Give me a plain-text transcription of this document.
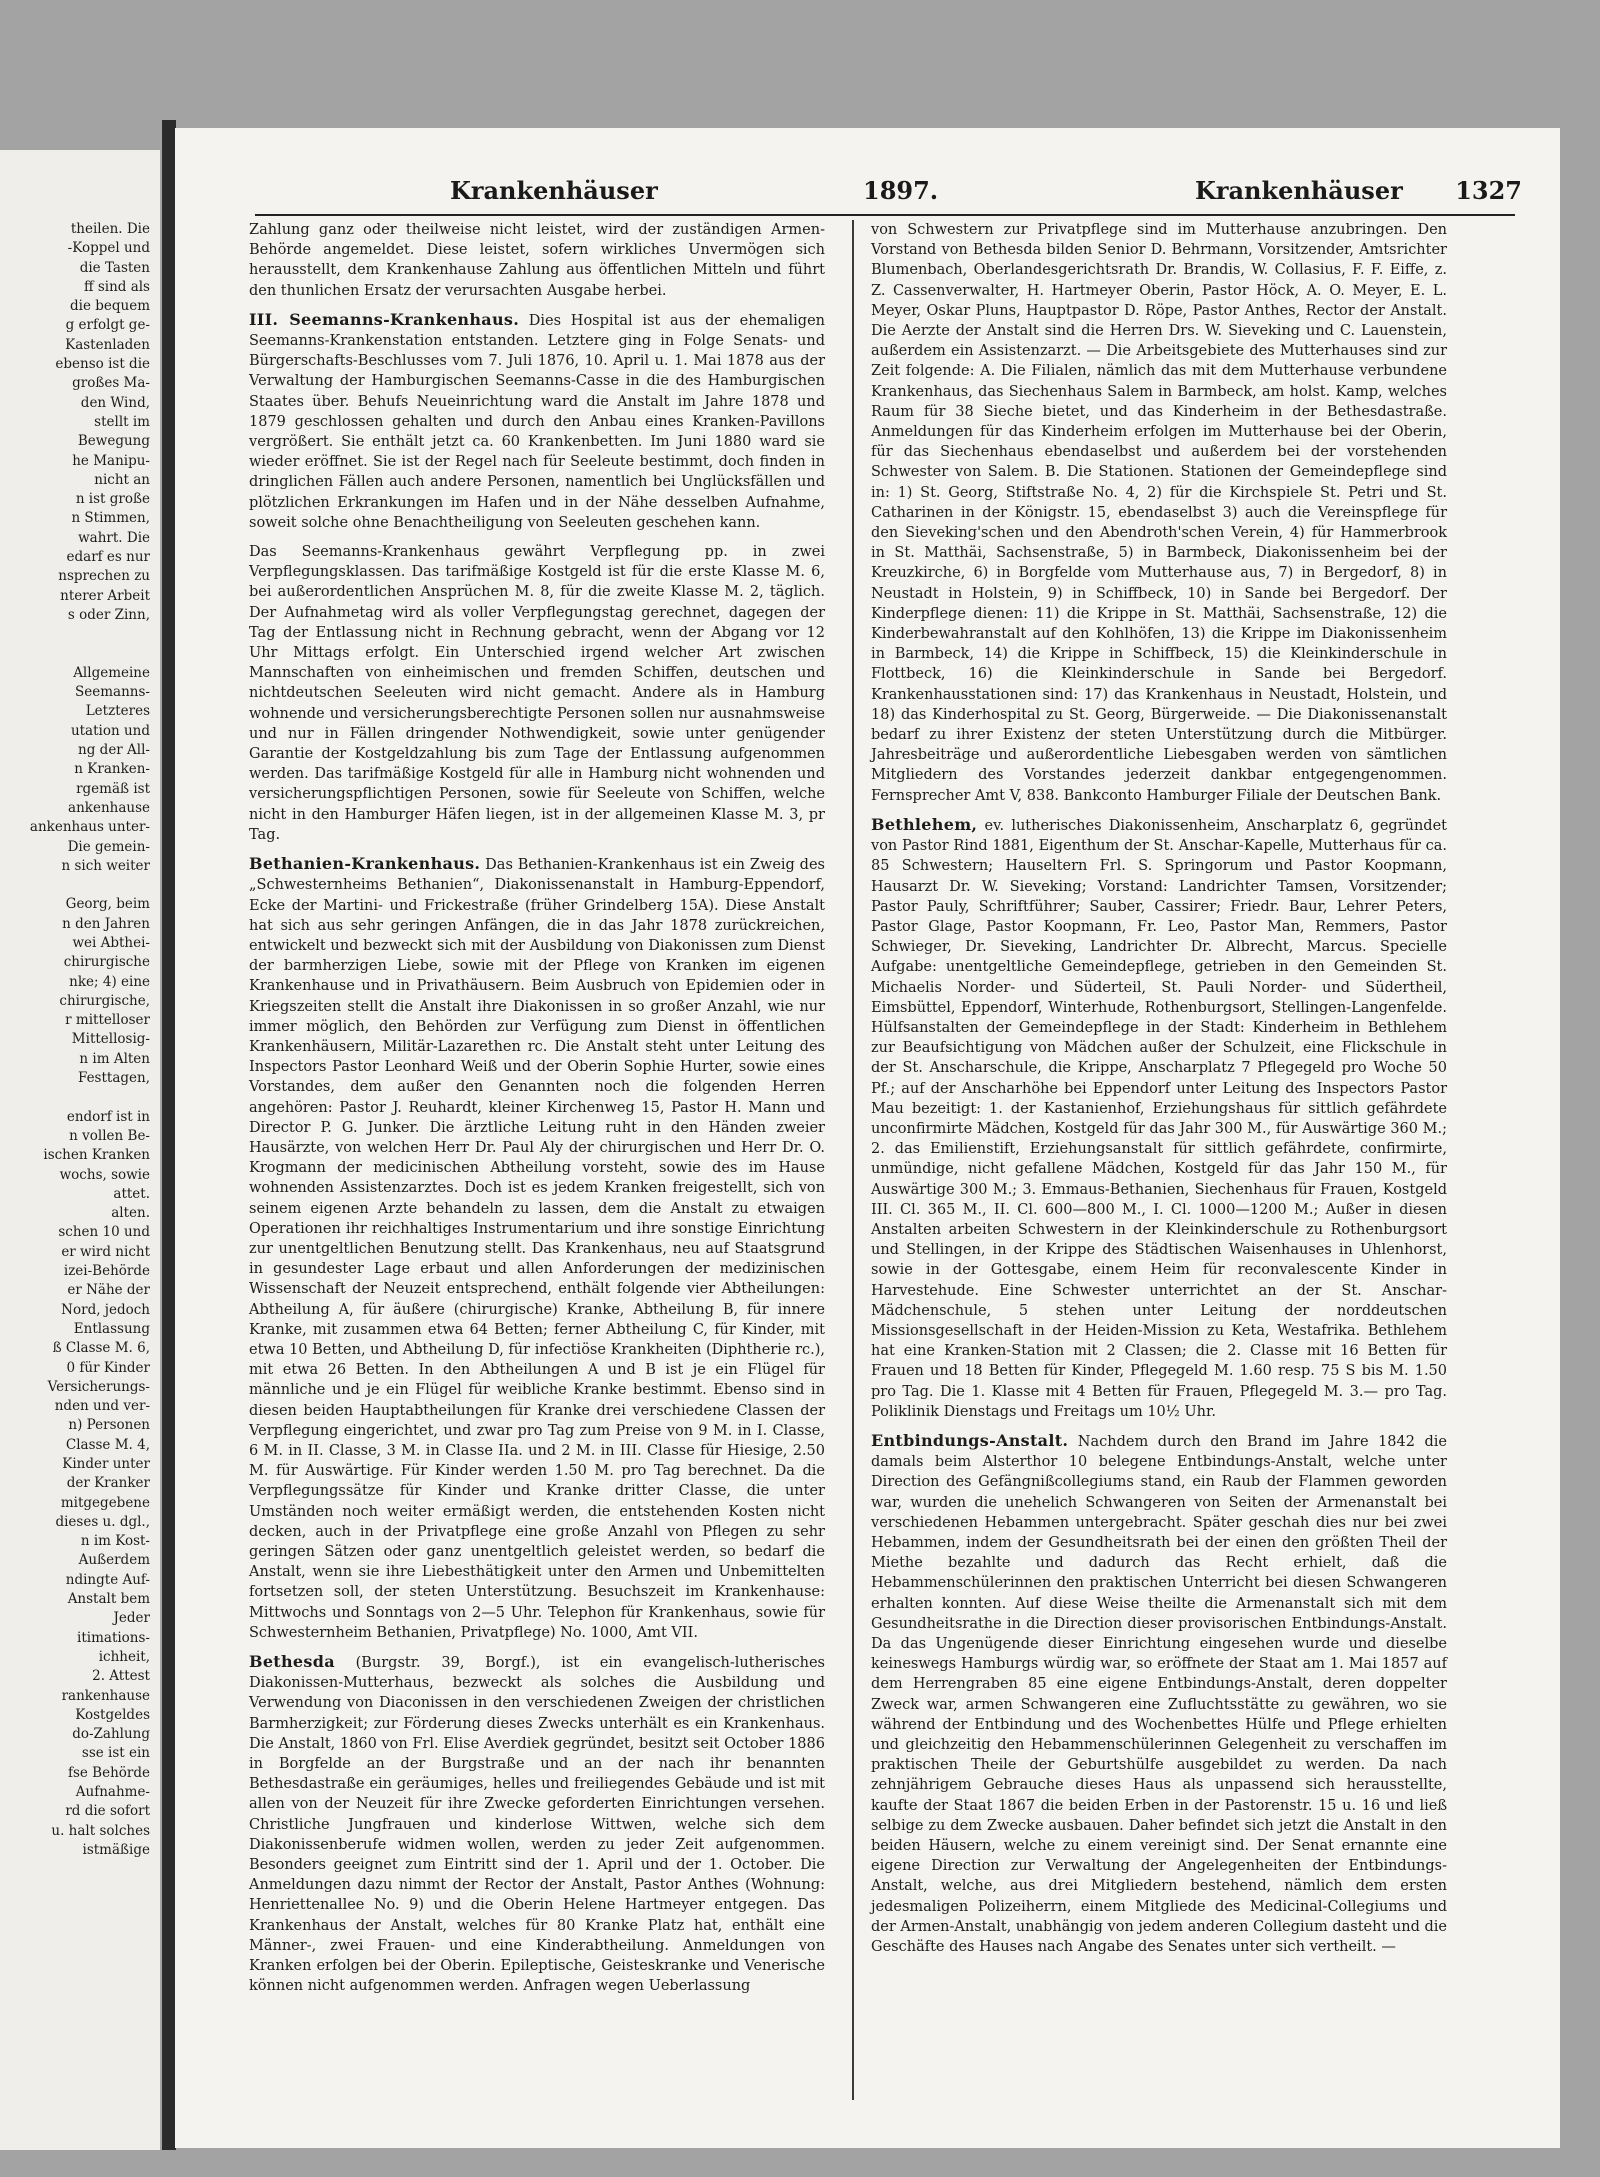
theilen. Die
-Koppel und
die Tasten
ff sind als
die bequem
g erfolgt ge-
Kastenladen
ebenso ist die
großes Ma-
den Wind,
stellt im
Bewegung
he Manipu-
nicht an
n ist große
n Stimmen,
wahrt. Die
edarf es nur
nsprechen zu
nterer Arbeit
s oder Zinn,

Allgemeine
Seemanns-
Letzteres
utation und
ng der All-
n Kranken-
rgemäß ist
ankenhause
ankenhaus unter-
Die gemein-
n sich weiter

Georg, beim
n den Jahren
wei Abthei-
chirurgische
nke; 4) eine
chirurgische,
r mittelloser
Mittellosig-
n im Alten
Festtagen,

endorf ist in
n vollen Be-
ischen Kranken
wochs, sowie
attet.
alten.
schen 10 und
er wird nicht
izei-Behörde
er Nähe der
Nord, jedoch
Entlassung
ß Classe M. 6,
0 für Kinder
Versicherungs-
nden und ver-
n) Personen
Classe M. 4,
Kinder unter
der Kranker
mitgegebene
dieses u. dgl.,
n im Kost-
Außerdem
ndingte Auf-
Anstalt bem
Jeder
itimations-
ichheit,
2. Attest
rankenhause
Kostgeldes
do-Zahlung
sse ist ein
fse Behörde
Aufnahme-
rd die sofort
u. halt solches
istmäßige
Krankenhäuser	1897.	Krankenhäuser 1327

Zahlung ganz oder theilweise nicht leistet, wird der zuständigen Armen-Behörde angemeldet. Diese leistet, sofern wirkliches Unvermögen sich herausstellt, dem Krankenhause Zahlung aus öffentlichen Mitteln und führt den thunlichen Ersatz der verursachten Ausgabe herbei.

III. Seemanns-Krankenhaus. Dies Hospital ist aus der ehemaligen Seemanns-Krankenstation entstanden. Letztere ging in Folge Senats- und Bürgerschafts-Beschlusses vom 7. Juli 1876, 10. April u. 1. Mai 1878 aus der Verwaltung der Hamburgischen Seemanns-Casse in die des Hamburgischen Staates über. Behufs Neueinrichtung ward die Anstalt im Jahre 1878 und 1879 geschlossen gehalten und durch den Anbau eines Kranken-Pavillons vergrößert. Sie enthält jetzt ca. 60 Krankenbetten. Im Juni 1880 ward sie wieder eröffnet. Sie ist der Regel nach für Seeleute bestimmt, doch finden in dringlichen Fällen auch andere Personen, namentlich bei Unglücksfällen und plötzlichen Erkrankungen im Hafen und in der Nähe desselben Aufnahme, soweit solche ohne Benachtheiligung von Seeleuten geschehen kann.

Das Seemanns-Krankenhaus gewährt Verpflegung pp. in zwei Verpflegungsklassen. Das tarifmäßige Kostgeld ist für die erste Klasse M. 6, bei außerordentlichen Ansprüchen M. 8, für die zweite Klasse M. 2, täglich. Der Aufnahmetag wird als voller Verpflegungstag gerechnet, dagegen der Tag der Entlassung nicht in Rechnung gebracht, wenn der Abgang vor 12 Uhr Mittags erfolgt. Ein Unterschied irgend welcher Art zwischen Mannschaften von einheimischen und fremden Schiffen, deutschen und nichtdeutschen Seeleuten wird nicht gemacht. Andere als in Hamburg wohnende und versicherungsberechtigte Personen sollen nur ausnahmsweise und nur in Fällen dringender Nothwendigkeit, sowie unter genügender Garantie der Kostgeldzahlung bis zum Tage der Entlassung aufgenommen werden. Das tarifmäßige Kostgeld für alle in Hamburg nicht wohnenden und versicherungspflichtigen Personen, sowie für Seeleute von Schiffen, welche nicht in den Hamburger Häfen liegen, ist in der allgemeinen Klasse M. 3, pr Tag.

Bethanien-Krankenhaus. Das Bethanien-Krankenhaus ist ein Zweig des „Schwesternheims Bethanien“, Diakonissenanstalt in Hamburg-Eppendorf, Ecke der Martini- und Frickestraße (früher Grindelberg 15A). Diese Anstalt hat sich aus sehr geringen Anfängen, die in das Jahr 1878 zurückreichen, entwickelt und bezweckt sich mit der Ausbildung von Diakonissen zum Dienst der barmherzigen Liebe, sowie mit der Pflege von Kranken im eigenen Krankenhause und in Privathäusern. Beim Ausbruch von Epidemien oder in Kriegszeiten stellt die Anstalt ihre Diakonissen in so großer Anzahl, wie nur immer möglich, den Behörden zur Verfügung zum Dienst in öffentlichen Krankenhäusern, Militär-Lazarethen rc. Die Anstalt steht unter Leitung des Inspectors Pastor Leonhard Weiß und der Oberin Sophie Hurter, sowie eines Vorstandes, dem außer den Genannten noch die folgenden Herren angehören: Pastor J. Reuhardt, kleiner Kirchenweg 15, Pastor H. Mann und Director P. G. Junker. Die ärztliche Leitung ruht in den Händen zweier Hausärzte, von welchen Herr Dr. Paul Aly der chirurgischen und Herr Dr. O. Krogmann der medicinischen Abtheilung vorsteht, sowie des im Hause wohnenden Assistenzarztes. Doch ist es jedem Kranken freigestellt, sich von seinem eigenen Arzte behandeln zu lassen, dem die Anstalt zu etwaigen Operationen ihr reichhaltiges Instrumentarium und ihre sonstige Einrichtung zur unentgeltlichen Benutzung stellt. Das Krankenhaus, neu auf Staatsgrund in gesundester Lage erbaut und allen Anforderungen der medizinischen Wissenschaft der Neuzeit entsprechend, enthält folgende vier Abtheilungen: Abtheilung A, für äußere (chirurgische) Kranke, Abtheilung B, für innere Kranke, mit zusammen etwa 64 Betten; ferner Abtheilung C, für Kinder, mit etwa 10 Betten, und Abtheilung D, für infectiöse Krankheiten (Diphtherie rc.), mit etwa 26 Betten. In den Abtheilungen A und B ist je ein Flügel für männliche und je ein Flügel für weibliche Kranke bestimmt. Ebenso sind in diesen beiden Hauptabtheilungen für Kranke drei verschiedene Classen der Verpflegung eingerichtet, und zwar pro Tag zum Preise von 9 M. in I. Classe, 6 M. in II. Classe, 3 M. in Classe IIa. und 2 M. in III. Classe für Hiesige, 2.50 M. für Auswärtige. Für Kinder werden 1.50 M. pro Tag berechnet. Da die Verpflegungssätze für Kinder und Kranke dritter Classe, die unter Umständen noch weiter ermäßigt werden, die entstehenden Kosten nicht decken, auch in der Privatpflege eine große Anzahl von Pflegen zu sehr geringen Sätzen oder ganz unentgeltlich geleistet werden, so bedarf die Anstalt, wenn sie ihre Liebesthätigkeit unter den Armen und Unbemittelten fortsetzen soll, der steten Unterstützung. Besuchszeit im Krankenhause: Mittwochs und Sonntags von 2—5 Uhr. Telephon für Krankenhaus, sowie für Schwesternheim Bethanien, Privatpflege) No. 1000, Amt VII.

Bethesda (Burgstr. 39, Borgf.), ist ein evangelisch-lutherisches Diakonissen-Mutterhaus, bezweckt als solches die Ausbildung und Verwendung von Diaconissen in den verschiedenen Zweigen der christlichen Barmherzigkeit; zur Förderung dieses Zwecks unterhält es ein Krankenhaus. Die Anstalt, 1860 von Frl. Elise Averdiek gegründet, besitzt seit October 1886 in Borgfelde an der Burgstraße und an der nach ihr benannten Bethesdastraße ein geräumiges, helles und freiliegendes Gebäude und ist mit allen von der Neuzeit für ihre Zwecke geforderten Einrichtungen versehen. Christliche Jungfrauen und kinderlose Wittwen, welche sich dem Diakonissenberufe widmen wollen, werden zu jeder Zeit aufgenommen. Besonders geeignet zum Eintritt sind der 1. April und der 1. October. Die Anmeldungen dazu nimmt der Rector der Anstalt, Pastor Anthes (Wohnung: Henriettenallee No. 9) und die Oberin Helene Hartmeyer entgegen. Das Krankenhaus der Anstalt, welches für 80 Kranke Platz hat, enthält eine Männer-, zwei Frauen- und eine Kinderabtheilung. Anmeldungen von Kranken erfolgen bei der Oberin. Epileptische, Geisteskranke und Venerische können nicht aufgenommen werden. Anfragen wegen Ueberlassung

von Schwestern zur Privatpflege sind im Mutterhause anzubringen. Den Vorstand von Bethesda bilden Senior D. Behrmann, Vorsitzender, Amtsrichter Blumenbach, Oberlandesgerichtsrath Dr. Brandis, W. Collasius, F. F. Eiffe, z. Z. Cassenverwalter, H. Hartmeyer Oberin, Pastor Höck, A. O. Meyer, E. L. Meyer, Oskar Pluns, Hauptpastor D. Röpe, Pastor Anthes, Rector der Anstalt. Die Aerzte der Anstalt sind die Herren Drs. W. Sieveking und C. Lauenstein, außerdem ein Assistenzarzt. — Die Arbeitsgebiete des Mutterhauses sind zur Zeit folgende: A. Die Filialen, nämlich das mit dem Mutterhause verbundene Krankenhaus, das Siechenhaus Salem in Barmbeck, am holst. Kamp, welches Raum für 38 Sieche bietet, und das Kinderheim in der Bethesdastraße. Anmeldungen für das Kinderheim erfolgen im Mutterhause bei der Oberin, für das Siechenhaus ebendaselbst und außerdem bei der vorstehenden Schwester von Salem. B. Die Stationen. Stationen der Gemeindepflege sind in: 1) St. Georg, Stiftstraße No. 4, 2) für die Kirchspiele St. Petri und St. Catharinen in der Königstr. 15, ebendaselbst 3) auch die Vereinspflege für den Sieveking'schen und den Abendroth'schen Verein, 4) für Hammerbrook in St. Matthäi, Sachsenstraße, 5) in Barmbeck, Diakonissenheim bei der Kreuzkirche, 6) in Borgfelde vom Mutterhause aus, 7) in Bergedorf, 8) in Neustadt in Holstein, 9) in Schiffbeck, 10) in Sande bei Bergedorf. Der Kinderpflege dienen: 11) die Krippe in St. Matthäi, Sachsenstraße, 12) die Kinderbewahranstalt auf den Kohlhöfen, 13) die Krippe im Diakonissenheim in Barmbeck, 14) die Krippe in Schiffbeck, 15) die Kleinkinderschule in Flottbeck, 16) die Kleinkinderschule in Sande bei Bergedorf. Krankenhausstationen sind: 17) das Krankenhaus in Neustadt, Holstein, und 18) das Kinderhospital zu St. Georg, Bürgerweide. — Die Diakonissenanstalt bedarf zu ihrer Existenz der steten Unterstützung durch die Mitbürger. Jahresbeiträge und außerordentliche Liebesgaben werden von sämtlichen Mitgliedern des Vorstandes jederzeit dankbar entgegengenommen. Fernsprecher Amt V, 838. Bankconto Hamburger Filiale der Deutschen Bank.

Bethlehem, ev. lutherisches Diakonissenheim, Anscharplatz 6, gegründet von Pastor Rind 1881, Eigenthum der St. Anschar-Kapelle, Mutterhaus für ca. 85 Schwestern; Hauseltern Frl. S. Springorum und Pastor Koopmann, Hausarzt Dr. W. Sieveking; Vorstand: Landrichter Tamsen, Vorsitzender; Pastor Pauly, Schriftführer; Sauber, Cassirer; Friedr. Baur, Lehrer Peters, Pastor Glage, Pastor Koopmann, Fr. Leo, Pastor Man, Remmers, Pastor Schwieger, Dr. Sieveking, Landrichter Dr. Albrecht, Marcus. Specielle Aufgabe: unentgeltliche Gemeindepflege, getrieben in den Gemeinden St. Michaelis Norder- und Süderteil, St. Pauli Norder- und Südertheil, Eimsbüttel, Eppendorf, Winterhude, Rothenburgsort, Stellingen-Langenfelde. Hülfsanstalten der Gemeindepflege in der Stadt: Kinderheim in Bethlehem zur Beaufsichtigung von Mädchen außer der Schulzeit, eine Flickschule in der St. Anscharschule, die Krippe, Anscharplatz 7 Pflegegeld pro Woche 50 Pf.; auf der Anscharhöhe bei Eppendorf unter Leitung des Inspectors Pastor Mau bezeitigt: 1. der Kastanienhof, Erziehungshaus für sittlich gefährdete unconfirmirte Mädchen, Kostgeld für das Jahr 300 M., für Auswärtige 360 M.; 2. das Emilienstift, Erziehungsanstalt für sittlich gefährdete, confirmirte, unmündige, nicht gefallene Mädchen, Kostgeld für das Jahr 150 M., für Auswärtige 300 M.; 3. Emmaus-Bethanien, Siechenhaus für Frauen, Kostgeld III. Cl. 365 M., II. Cl. 600—800 M., I. Cl. 1000—1200 M.; Außer in diesen Anstalten arbeiten Schwestern in der Kleinkinderschule zu Rothenburgsort und Stellingen, in der Krippe des Städtischen Waisenhauses in Uhlenhorst, sowie in der Gottesgabe, einem Heim für reconvalescente Kinder in Harvestehude. Eine Schwester unterrichtet an der St. Anschar-Mädchenschule, 5 stehen unter Leitung der norddeutschen Missionsgesellschaft in der Heiden-Mission zu Keta, Westafrika. Bethlehem hat eine Kranken-Station mit 2 Classen; die 2. Classe mit 16 Betten für Frauen und 18 Betten für Kinder, Pflegegeld M. 1.60 resp. 75 S bis M. 1.50 pro Tag. Die 1. Klasse mit 4 Betten für Frauen, Pflegegeld M. 3.— pro Tag. Poliklinik Dienstags und Freitags um 10½ Uhr.

Entbindungs-Anstalt. Nachdem durch den Brand im Jahre 1842 die damals beim Alsterthor 10 belegene Entbindungs-Anstalt, welche unter Direction des Gefängnißcollegiums stand, ein Raub der Flammen geworden war, wurden die unehelich Schwangeren von Seiten der Armenanstalt bei verschiedenen Hebammen untergebracht. Später geschah dies nur bei zwei Hebammen, indem der Gesundheitsrath bei der einen den größten Theil der Miethe bezahlte und dadurch das Recht erhielt, daß die Hebammenschülerinnen den praktischen Unterricht bei diesen Schwangeren erhalten konnten. Auf diese Weise theilte die Armenanstalt sich mit dem Gesundheitsrathe in die Direction dieser provisorischen Entbindungs-Anstalt. Da das Ungenügende dieser Einrichtung eingesehen wurde und dieselbe keineswegs Hamburgs würdig war, so eröffnete der Staat am 1. Mai 1857 auf dem Herrengraben 85 eine eigene Entbindungs-Anstalt, deren doppelter Zweck war, armen Schwangeren eine Zufluchtsstätte zu gewähren, wo sie während der Entbindung und des Wochenbettes Hülfe und Pflege erhielten und gleichzeitig den Hebammenschülerinnen Gelegenheit zu verschaffen im praktischen Theile der Geburtshülfe ausgebildet zu werden. Da nach zehnjährigem Gebrauche dieses Haus als unpassend sich herausstellte, kaufte der Staat 1867 die beiden Erben in der Pastorenstr. 15 u. 16 und ließ selbige zu dem Zwecke ausbauen. Daher befindet sich jetzt die Anstalt in den beiden Häusern, welche zu einem vereinigt sind. Der Senat ernannte eine eigene Direction zur Verwaltung der Angelegenheiten der Entbindungs-Anstalt, welche, aus drei Mitgliedern bestehend, nämlich dem ersten jedesmaligen Polizeiherrn, einem Mitgliede des Medicinal-Collegiums und der Armen-Anstalt, unabhängig von jedem anderen Collegium dasteht und die Geschäfte des Hauses nach Angabe des Senates unter sich vertheilt. —
